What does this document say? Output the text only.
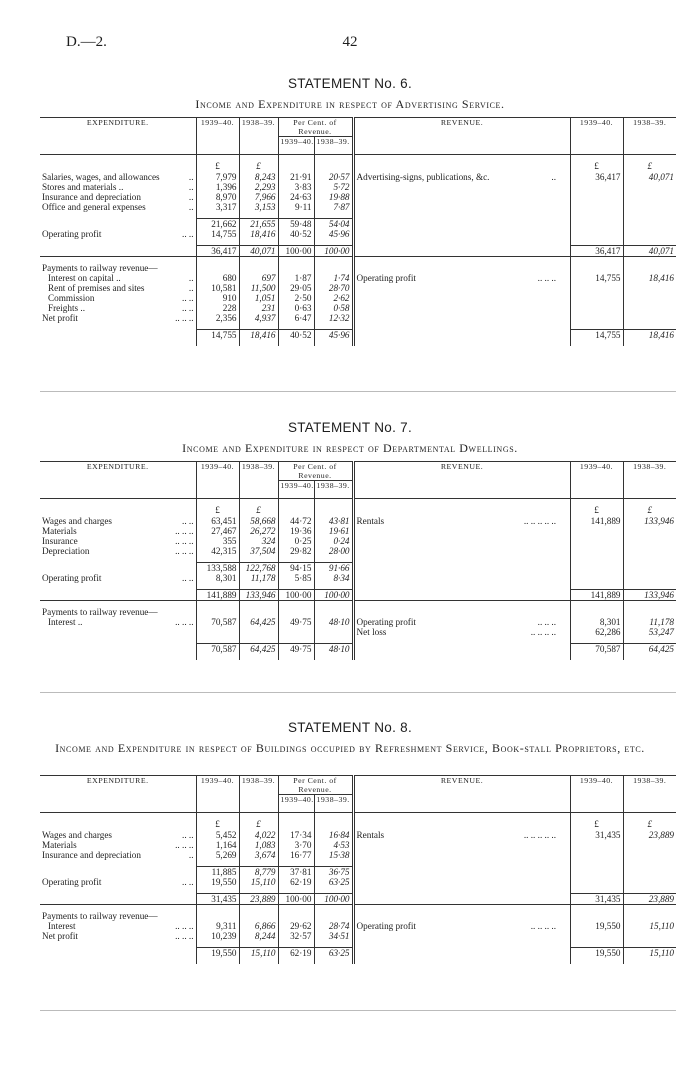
D.—2.	42
STATEMENT No. 6.
Income and Expenditure in respect of Advertising Service.
EXPENDITURE.	1939–40.	1938–39.	Per Cent. of Revenue.		REVENUE.		1939–40.	1938–39.
			1939–40.	1938–39.				

	£	£					£	£
Salaries, wages, and allowances ..	7,979	8,243	21·91	20·57	Advertising-signs, publications, &c. ..		36,417	40,071
Stores and materials .. ..	1,396	2,293	3·83	5·72				
Insurance and depreciation ..	8,970	7,966	24·63	19·88				
Office and general expenses ..	3,317	3,153	9·11	7·87				

	21,662	21,655	59·48	54·04				
Operating profit .. ..	14,755	18,416	40·52	45·96				

	36,417	40,071	100·00	100·00			36,417	40,071

Payments to railway revenue—								
Interest on capital .. ..	680	697	1·87	1·74	Operating profit .. .. ..		14,755	18,416
Rent of premises and sites ..	10,581	11,500	29·05	28·70				
Commission .. ..	910	1,051	2·50	2·62				
Freights .. .. ..	228	231	0·63	0·58				
Net profit .. .. ..	2,356	4,937	6·47	12·32				

	14,755	18,416	40·52	45·96			14,755	18,416

STATEMENT No. 7.
Income and Expenditure in respect of Departmental Dwellings.
EXPENDITURE.	1939–40.	1938–39.	Per Cent. of Revenue.		REVENUE.		1939–40.	1938–39.
			1939–40.	1938–39.				

	£	£					£	£
Wages and charges .. ..	63,451	58,668	44·72	43·81	Rentals .. .. .. .. ..		141,889	133,946
Materials .. .. ..	27,467	26,272	19·36	19·61				
Insurance .. .. ..	355	324	0·25	0·24				
Depreciation .. .. ..	42,315	37,504	29·82	28·00				

	133,588	122,768	94·15	91·66				
Operating profit .. ..	8,301	11,178	5·85	8·34				

	141,889	133,946	100·00	100·00			141,889	133,946

Payments to railway revenue—								
Interest .. .. .. ..	70,587	64,425	49·75	48·10	Operating profit .. .. ..		8,301	11,178
					Net loss .. .. .. ..		62,286	53,247

	70,587	64,425	49·75	48·10			70,587	64,425

STATEMENT No. 8.
Income and Expenditure in respect of Buildings occupied by Refreshment Service, Book-stall Proprietors, etc.
EXPENDITURE.	1939–40.	1938–39.	Per Cent. of Revenue.		REVENUE.		1939–40.	1938–39.
			1939–40.	1938–39.				

	£	£					£	£
Wages and charges .. ..	5,452	4,022	17·34	16·84	Rentals .. .. .. .. ..		31,435	23,889
Materials .. .. ..	1,164	1,083	3·70	4·53				
Insurance and depreciation ..	5,269	3,674	16·77	15·38				

	11,885	8,779	37·81	36·75				
Operating profit .. ..	19,550	15,110	62·19	63·25				

	31,435	23,889	100·00	100·00			31,435	23,889

Payments to railway revenue—								
Interest .. .. ..	9,311	6,866	29·62	28·74	Operating profit .. .. .. ..		19,550	15,110
Net profit .. .. ..	10,239	8,244	32·57	34·51				

	19,550	15,110	62·19	63·25			19,550	15,110
